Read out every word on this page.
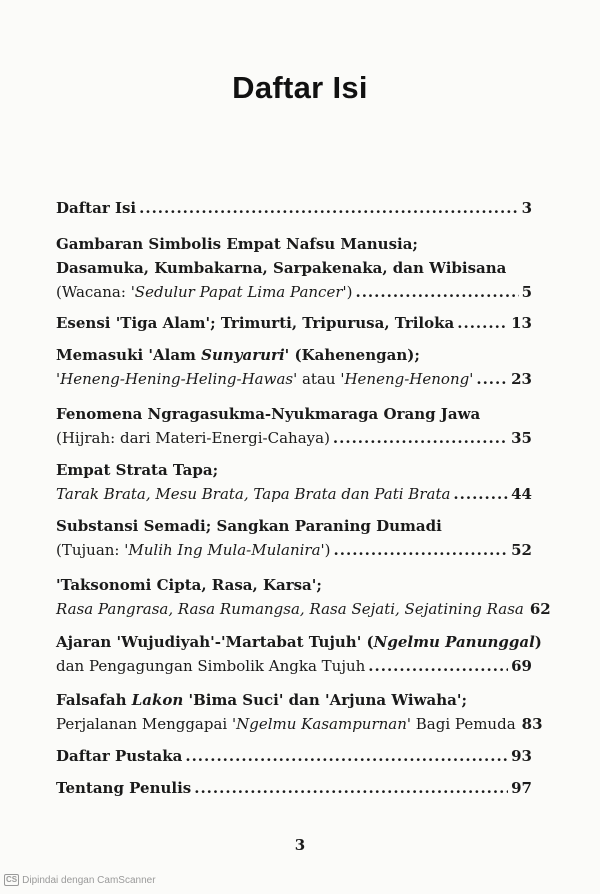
Daftar Isi
Daftar Isi .....	3
Gambaran Simbolis Empat Nafsu Manusia;
Dasamuka, Kumbakarna, Sarpakenaka, dan Wibisana
(Wacana: 'Sedulur Papat Lima Pancer') .....	5
Esensi 'Tiga Alam'; Trimurti, Tripurusa, Triloka .....	13
Memasuki 'Alam Sunyaruri' (Kahenengan);
'Heneng-Hening-Heling-Hawas' atau 'Heneng-Henong' .....	23
Fenomena Ngragasukma-Nyukmaraga Orang Jawa
(Hijrah: dari Materi-Energi-Cahaya) .....	35
Empat Strata Tapa;
Tarak Brata, Mesu Brata, Tapa Brata dan Pati Brata .....	44
Substansi Semadi; Sangkan Paraning Dumadi
(Tujuan: 'Mulih Ing Mula-Mulanira') .....	52
'Taksonomi Cipta, Rasa, Karsa';
Rasa Pangrasa, Rasa Rumangsa, Rasa Sejati, Sejatining Rasa 62
Ajaran 'Wujudiyah'-'Martabat Tujuh' (Ngelmu Panunggal)
dan Pengagungan Simbolik Angka Tujuh .....	69
Falsafah Lakon 'Bima Suci' dan 'Arjuna Wiwaha';
Perjalanan Menggapai 'Ngelmu Kasampurnan' Bagi Pemuda 83
Daftar Pustaka .....	93
Tentang Penulis .....	97
3
CS Dipindai dengan CamScanner
